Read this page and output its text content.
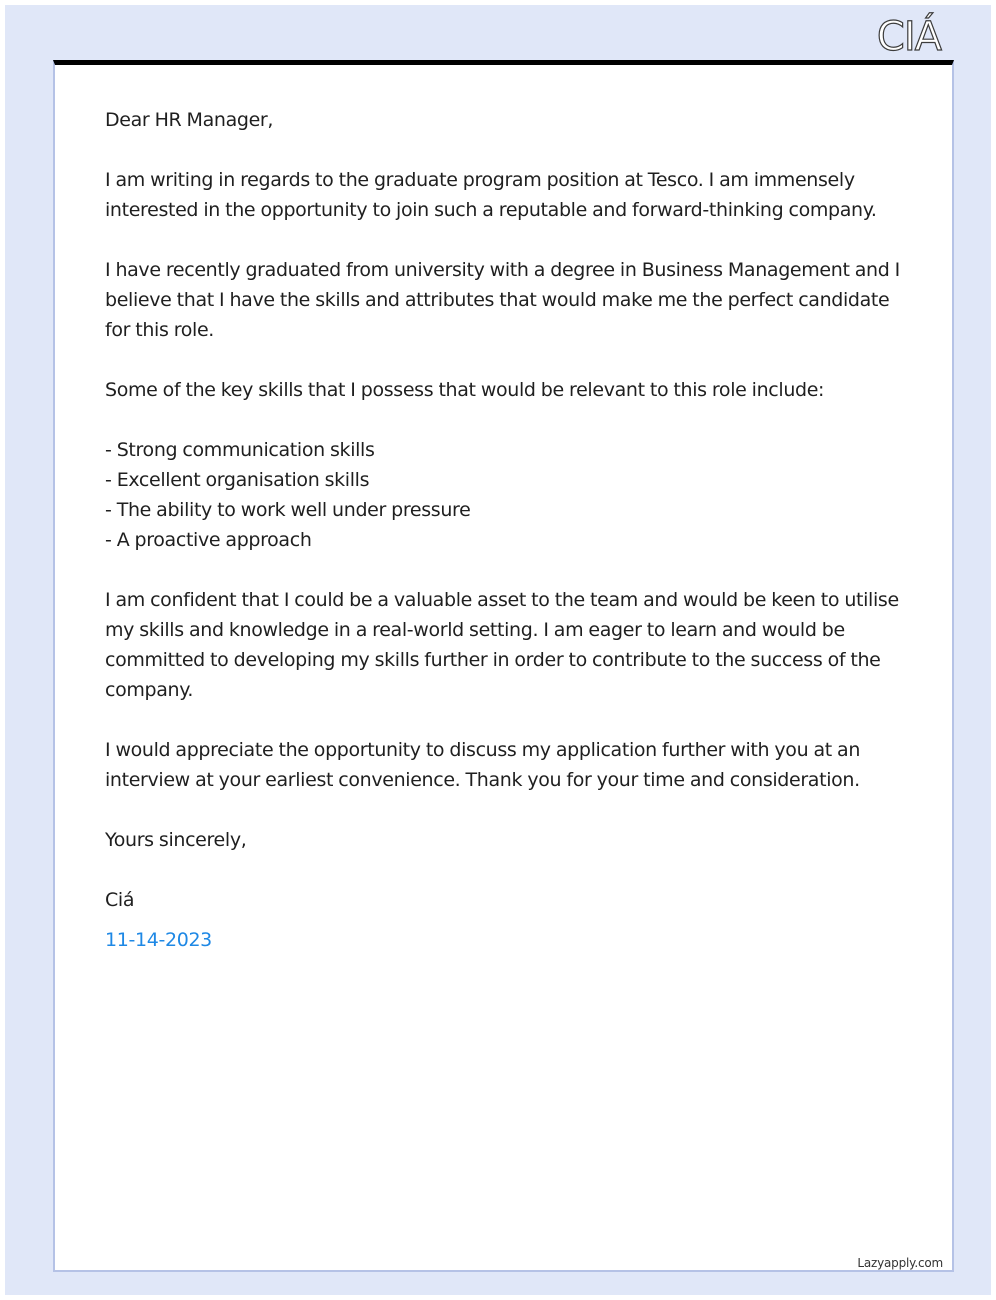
CIÁ

Dear HR Manager,

I am writing in regards to the graduate program position at Tesco. I am immensely interested in the opportunity to join such a reputable and forward-thinking company.

I have recently graduated from university with a degree in Business Management and I believe that I have the skills and attributes that would make me the perfect candidate for this role.

Some of the key skills that I possess that would be relevant to this role include:

- Strong communication skills
- Excellent organisation skills
- The ability to work well under pressure
- A proactive approach

I am confident that I could be a valuable asset to the team and would be keen to utilise my skills and knowledge in a real-world setting. I am eager to learn and would be committed to developing my skills further in order to contribute to the success of the company.

I would appreciate the opportunity to discuss my application further with you at an interview at your earliest convenience. Thank you for your time and consideration.

Yours sincerely,

Ciá

11-14-2023

Lazyapply.com
